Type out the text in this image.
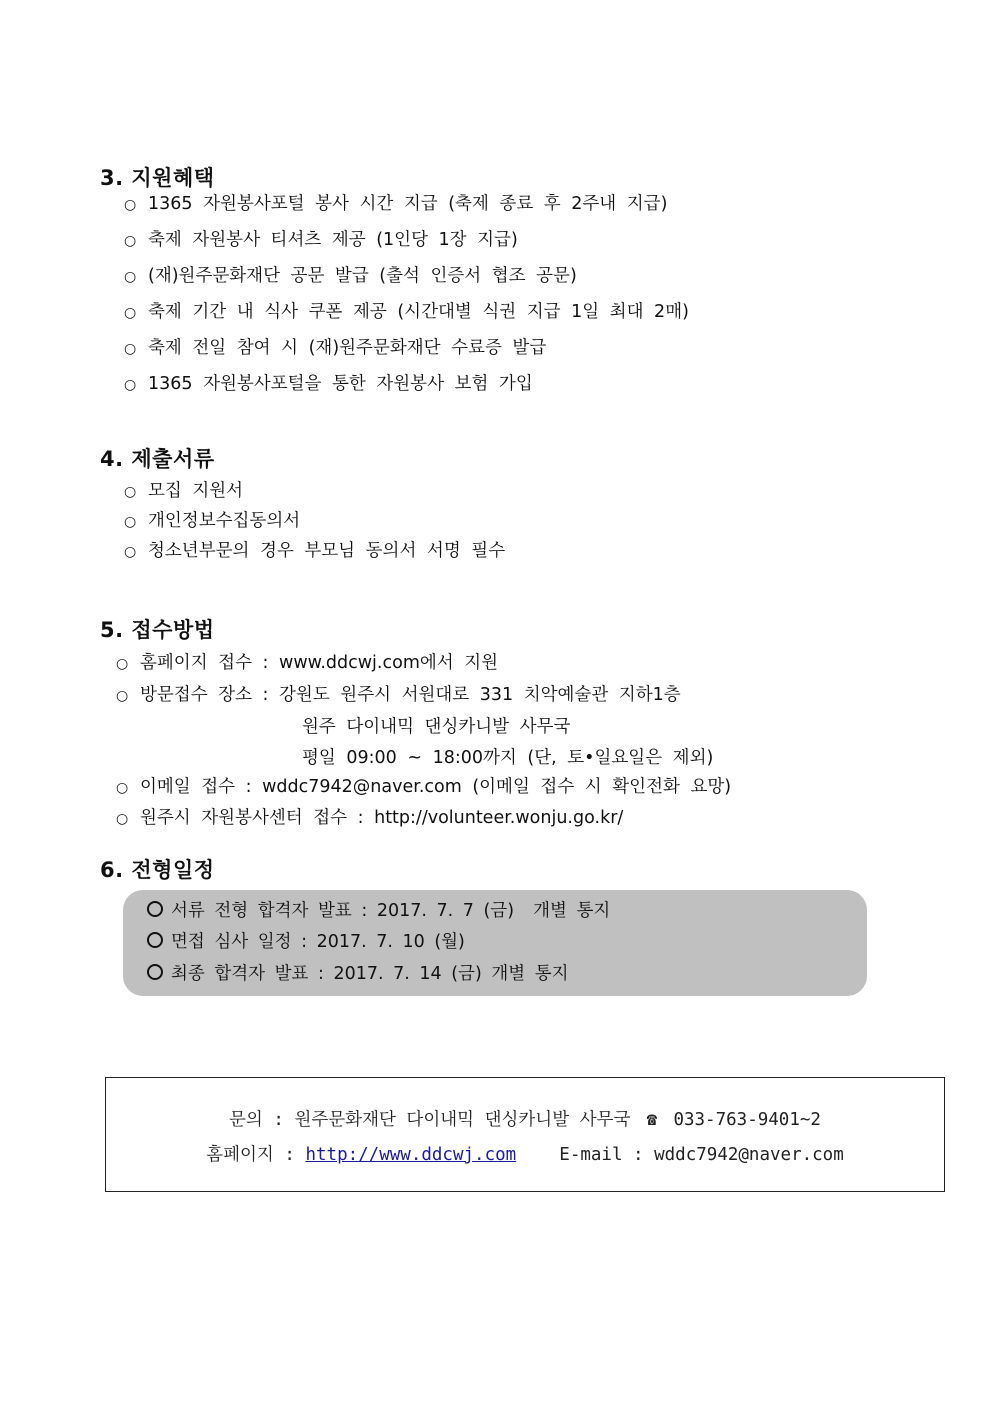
3. 지원혜택
○ 1365 자원봉사포털 봉사 시간 지급 (축제 종료 후 2주내 지급)
○ 축제 자원봉사 티셔츠 제공 (1인당 1장 지급)
○ (재)원주문화재단 공문 발급 (출석 인증서 협조 공문)
○ 축제 기간 내 식사 쿠폰 제공 (시간대별 식권 지급 1일 최대 2매)
○ 축제 전일 참여 시 (재)원주문화재단 수료증 발급
○ 1365 자원봉사포털을 통한 자원봉사 보험 가입
4. 제출서류
○ 모집 지원서
○ 개인정보수집동의서
○ 청소년부문의 경우 부모님 동의서 서명 필수
5. 접수방법
○ 홈페이지 접수 : www.ddcwj.com에서 지원
○ 방문접수 장소 : 강원도 원주시 서원대로 331 치악예술관 지하1층
○ 이메일 접수 : wddc7942@naver.com (이메일 접수 시 확인전화 요망)
○ 원주시 자원봉사센터 접수 : http://volunteer.wonju.go.kr/
원주 다이내믹 댄싱카니발 사무국
평일 09:00 ~ 18:00까지 (단, 토•일요일은 제외)
6. 전형일정
서류 전형 합격자 발표 : 2017. 7. 7 (금)  개별 통지
면접 심사 일정 : 2017. 7. 10 (월)
최종 합격자 발표 : 2017. 7. 14 (금) 개별 통지
문의 : 원주문화재단 다이내믹 댄싱카니발 사무국 ☎ 033-763-9401~2
홈페이지 : http://www.ddcwj.com E-mail : wddc7942@naver.com
